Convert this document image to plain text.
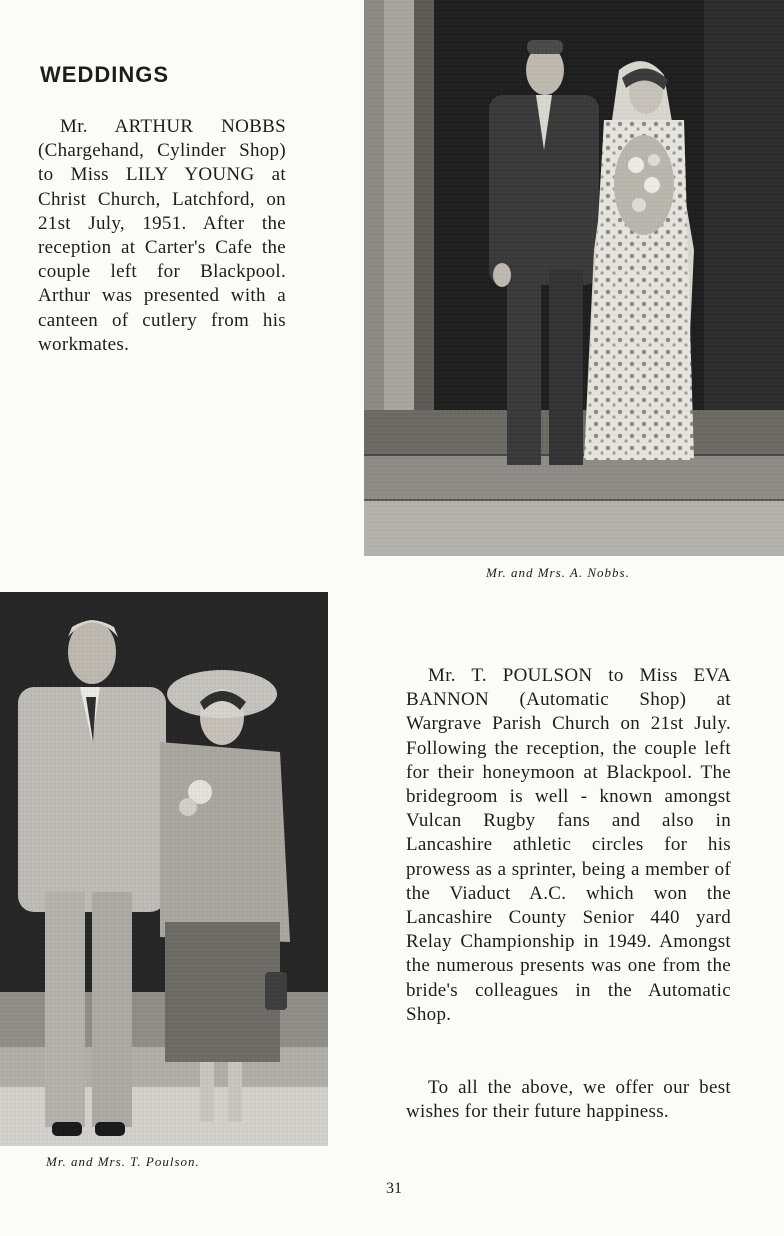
WEDDINGS

Mr. ARTHUR NOBBS (Chargehand, Cylinder Shop) to Miss LILY YOUNG at Christ Church, Latchford, on 21st July, 1951. After the reception at Carter's Cafe the couple left for Blackpool. Arthur was presented with a canteen of cutlery from his workmates.

Mr. and Mrs. A. Nobbs.

Mr. and Mrs. T. Poulson.

Mr. T. POULSON to Miss EVA BANNON (Automatic Shop) at Wargrave Parish Church on 21st July. Following the reception, the couple left for their honeymoon at Blackpool. The bridegroom is well - known amongst Vulcan Rugby fans and also in Lancashire athletic circles for his prowess as a sprinter, being a member of the Viaduct A.C. which won the Lancashire County Senior 440 yard Relay Championship in 1949. Amongst the numerous presents was one from the bride's colleagues in the Automatic Shop.

To all the above, we offer our best wishes for their future happiness.

31
